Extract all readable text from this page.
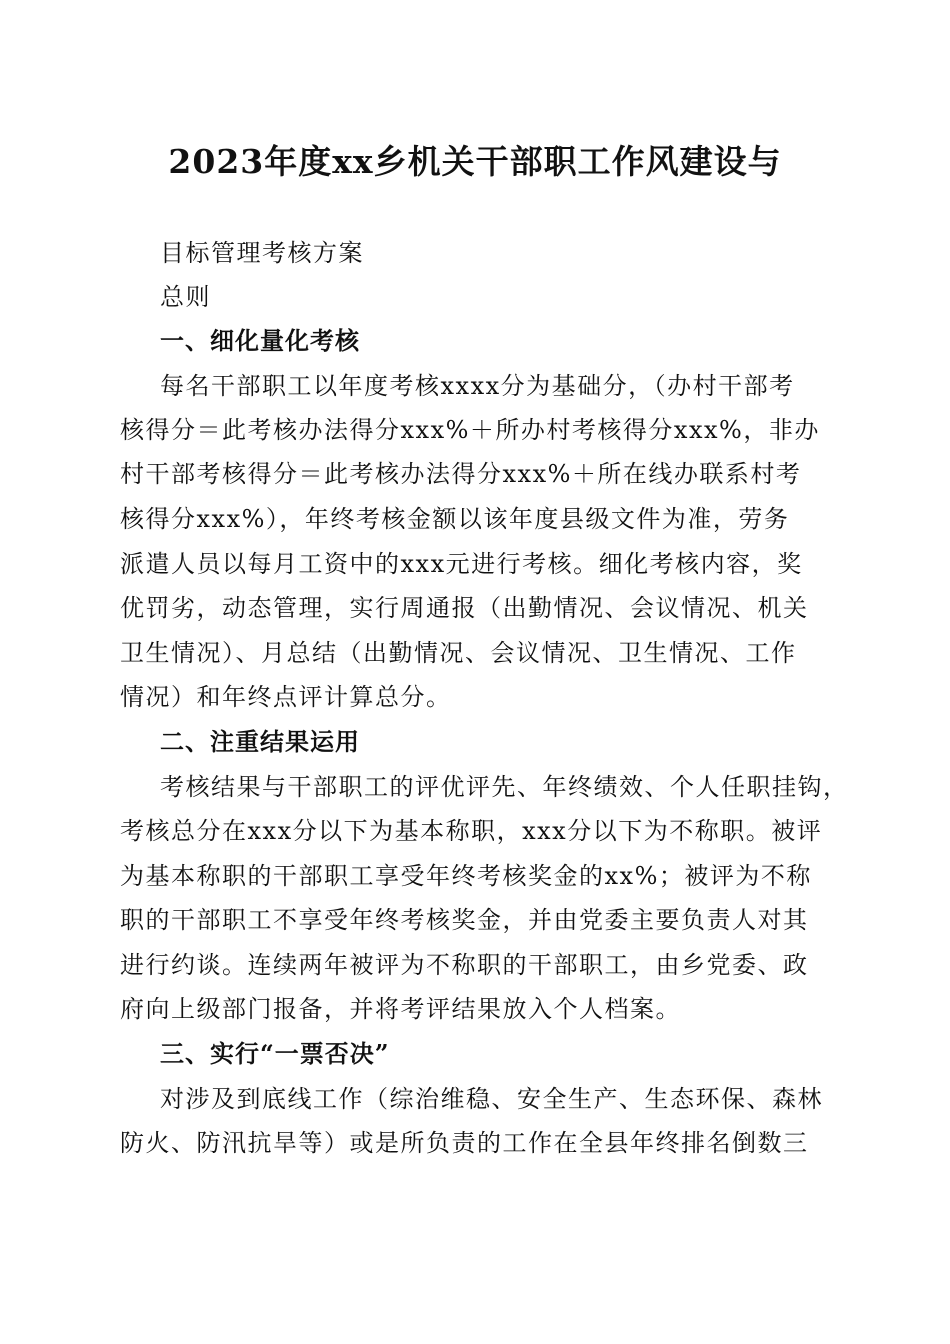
2023年度xx乡机关干部职工作风建设与
目标管理考核方案
总则
一、细化量化考核
每名干部职工以年度考核xxxx分为基础分，（办村干部考
核得分＝此考核办法得分xxx%＋所办村考核得分xxx%，非办
村干部考核得分＝此考核办法得分xxx%＋所在线办联系村考
核得分xxx%），年终考核金额以该年度县级文件为准，劳务
派遣人员以每月工资中的xxx元进行考核。细化考核内容，奖
优罚劣，动态管理，实行周通报（出勤情况、会议情况、机关
卫生情况）、月总结（出勤情况、会议情况、卫生情况、工作
情况）和年终点评计算总分。
二、注重结果运用
考核结果与干部职工的评优评先、年终绩效、个人任职挂钩，
考核总分在xxx分以下为基本称职，xxx分以下为不称职。被评
为基本称职的干部职工享受年终考核奖金的xx%；被评为不称
职的干部职工不享受年终考核奖金，并由党委主要负责人对其
进行约谈。连续两年被评为不称职的干部职工，由乡党委、政
府向上级部门报备，并将考评结果放入个人档案。
三、实行“一票否决”
对涉及到底线工作（综治维稳、安全生产、生态环保、森林
防火、防汛抗旱等）或是所负责的工作在全县年终排名倒数三
